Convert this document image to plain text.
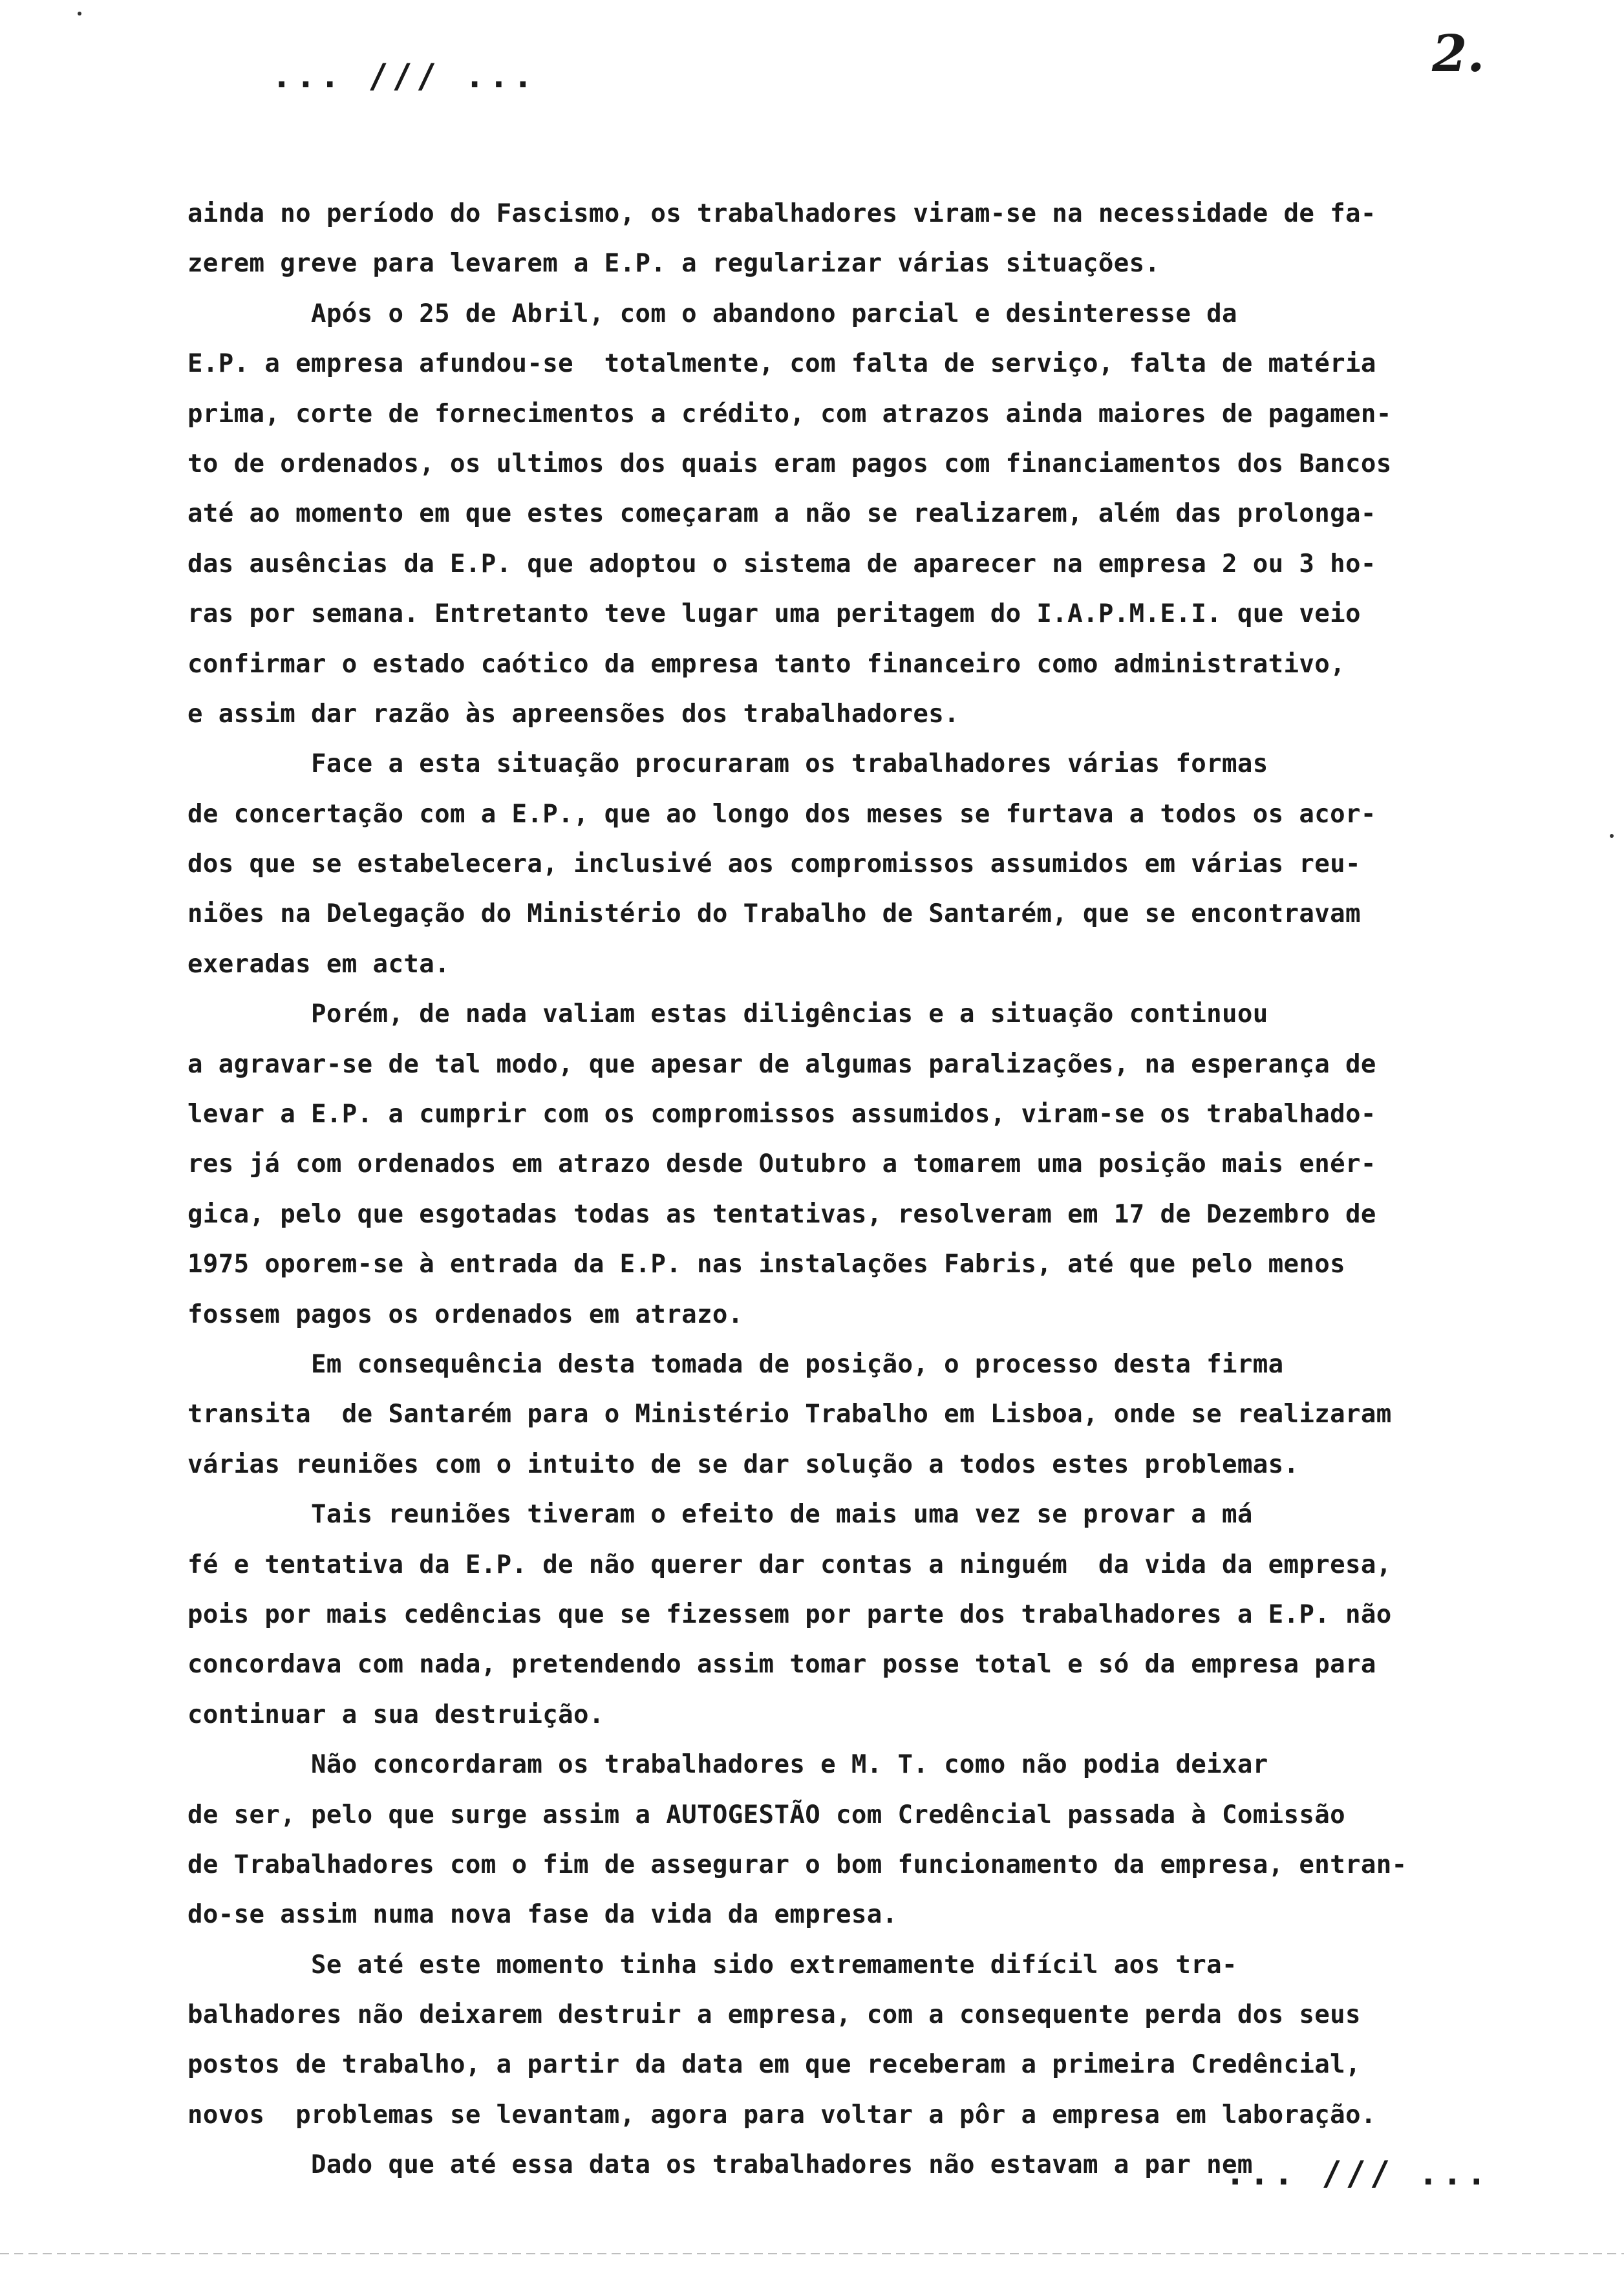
... /// ...	2.
ainda no período do Fascismo, os trabalhadores viram-se na necessidade de fa-
zerem greve para levarem a E.P. a regularizar várias situações.
Após o 25 de Abril, com o abandono parcial e desinteresse da
E.P. a empresa afundou-se  totalmente, com falta de serviço, falta de matéria
prima, corte de fornecimentos a crédito, com atrazos ainda maiores de pagamen-
to de ordenados, os ultimos dos quais eram pagos com financiamentos dos Bancos
até ao momento em que estes começaram a não se realizarem, além das prolonga-
das ausências da E.P. que adoptou o sistema de aparecer na empresa 2 ou 3 ho-
ras por semana. Entretanto teve lugar uma peritagem do I.A.P.M.E.I. que veio
confirmar o estado caótico da empresa tanto financeiro como administrativo,
e assim dar razão às apreensões dos trabalhadores.
Face a esta situação procuraram os trabalhadores várias formas
de concertação com a E.P., que ao longo dos meses se furtava a todos os acor-
dos que se estabelecera, inclusivé aos compromissos assumidos em várias reu-
niões na Delegação do Ministério do Trabalho de Santarém, que se encontravam
exeradas em acta.
Porém, de nada valiam estas diligências e a situação continuou
a agravar-se de tal modo, que apesar de algumas paralizações, na esperança de
levar a E.P. a cumprir com os compromissos assumidos, viram-se os trabalhado-
res já com ordenados em atrazo desde Outubro a tomarem uma posição mais enér-
gica, pelo que esgotadas todas as tentativas, resolveram em 17 de Dezembro de
1975 oporem-se à entrada da E.P. nas instalações Fabris, até que pelo menos
fossem pagos os ordenados em atrazo.
Em consequência desta tomada de posição, o processo desta firma
transita  de Santarém para o Ministério Trabalho em Lisboa, onde se realizaram
várias reuniões com o intuito de se dar solução a todos estes problemas.
Tais reuniões tiveram o efeito de mais uma vez se provar a má
fé e tentativa da E.P. de não querer dar contas a ninguém  da vida da empresa,
pois por mais cedências que se fizessem por parte dos trabalhadores a E.P. não
concordava com nada, pretendendo assim tomar posse total e só da empresa para
continuar a sua destruição.
Não concordaram os trabalhadores e M. T. como não podia deixar
de ser, pelo que surge assim a AUTOGESTÃO com Credêncial passada à Comissão
de Trabalhadores com o fim de assegurar o bom funcionamento da empresa, entran-
do-se assim numa nova fase da vida da empresa.
Se até este momento tinha sido extremamente difícil aos tra-
balhadores não deixarem destruir a empresa, com a consequente perda dos seus
postos de trabalho, a partir da data em que receberam a primeira Credêncial,
novos  problemas se levantam, agora para voltar a pôr a empresa em laboração.
Dado que até essa data os trabalhadores não estavam a par nem
... /// ...
